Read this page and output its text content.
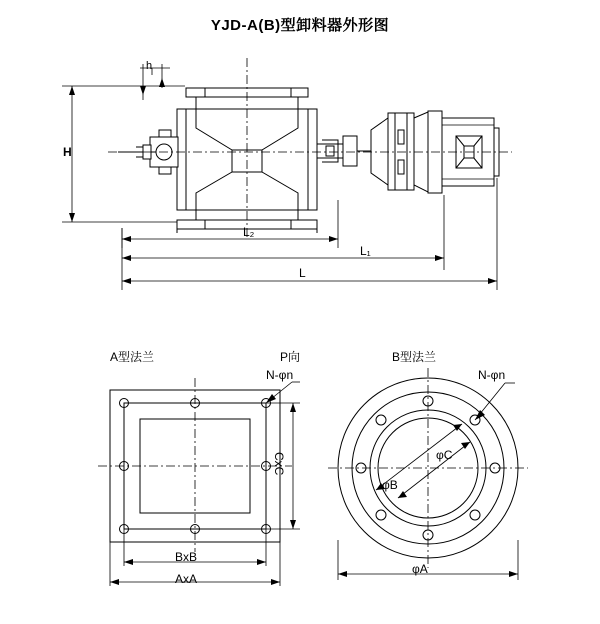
YJD-A(B)型卸料器外形图
h
H
L₂
L₁
L
A型法兰	P向	B型法兰
N-φn	N-φn
CxC
BxB
AxA
φC
φB
φA
